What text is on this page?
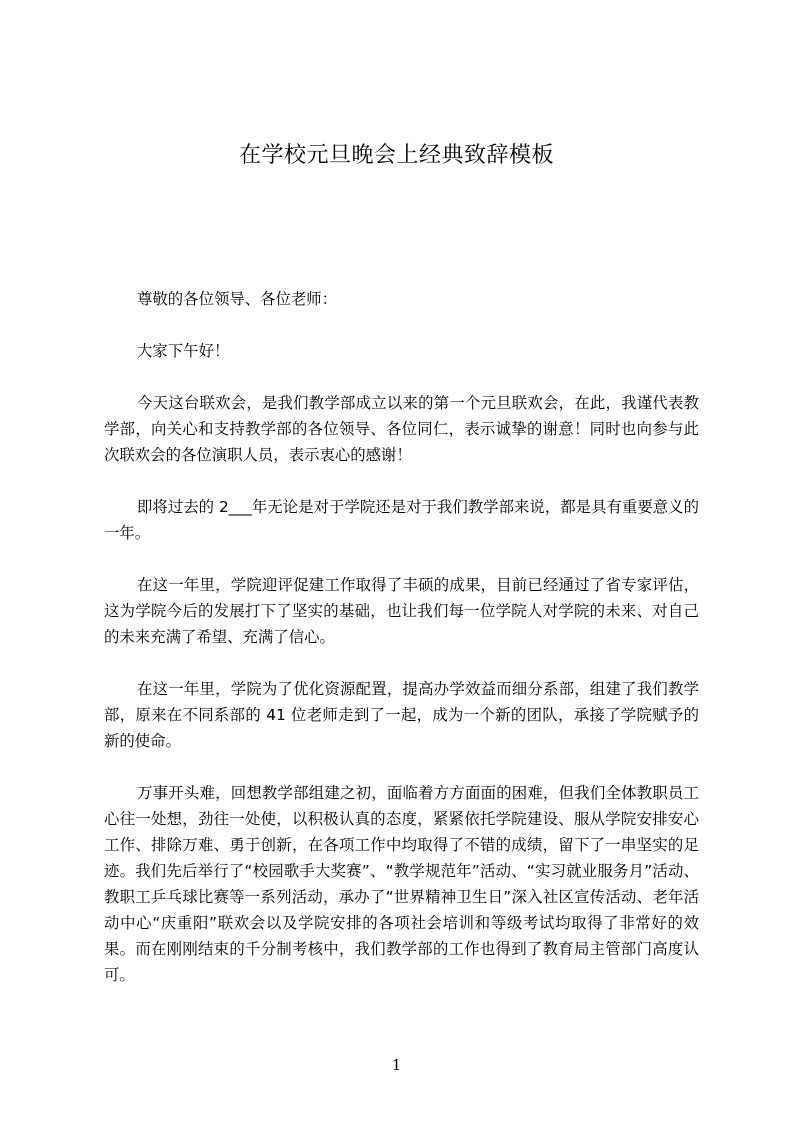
在学校元旦晚会上经典致辞模板

尊敬的各位领导、各位老师：

大家下午好！

今天这台联欢会，是我们教学部成立以来的第一个元旦联欢会，在此，我谨代表教学部，向关心和支持教学部的各位领导、各位同仁，表示诚挚的谢意！同时也向参与此次联欢会的各位演职人员，表示衷心的感谢！

即将过去的 2___年无论是对于学院还是对于我们教学部来说，都是具有重要意义的一年。

在这一年里，学院迎评促建工作取得了丰硕的成果，目前已经通过了省专家评估，这为学院今后的发展打下了坚实的基础，也让我们每一位学院人对学院的未来、对自己的未来充满了希望、充满了信心。

在这一年里，学院为了优化资源配置，提高办学效益而细分系部，组建了我们教学部，原来在不同系部的 41 位老师走到了一起，成为一个新的团队，承接了学院赋予的新的使命。

万事开头难，回想教学部组建之初，面临着方方面面的困难，但我们全体教职员工心往一处想，劲往一处使，以积极认真的态度，紧紧依托学院建设、服从学院安排安心工作、排除万难、勇于创新，在各项工作中均取得了不错的成绩，留下了一串坚实的足迹。我们先后举行了“校园歌手大奖赛”、“教学规范年”活动、“实习就业服务月”活动、教职工乒乓球比赛等一系列活动，承办了“世界精神卫生日”深入社区宣传活动、老年活动中心“庆重阳”联欢会以及学院安排的各项社会培训和等级考试均取得了非常好的效果。而在刚刚结束的千分制考核中，我们教学部的工作也得到了教育局主管部门高度认可。

1
